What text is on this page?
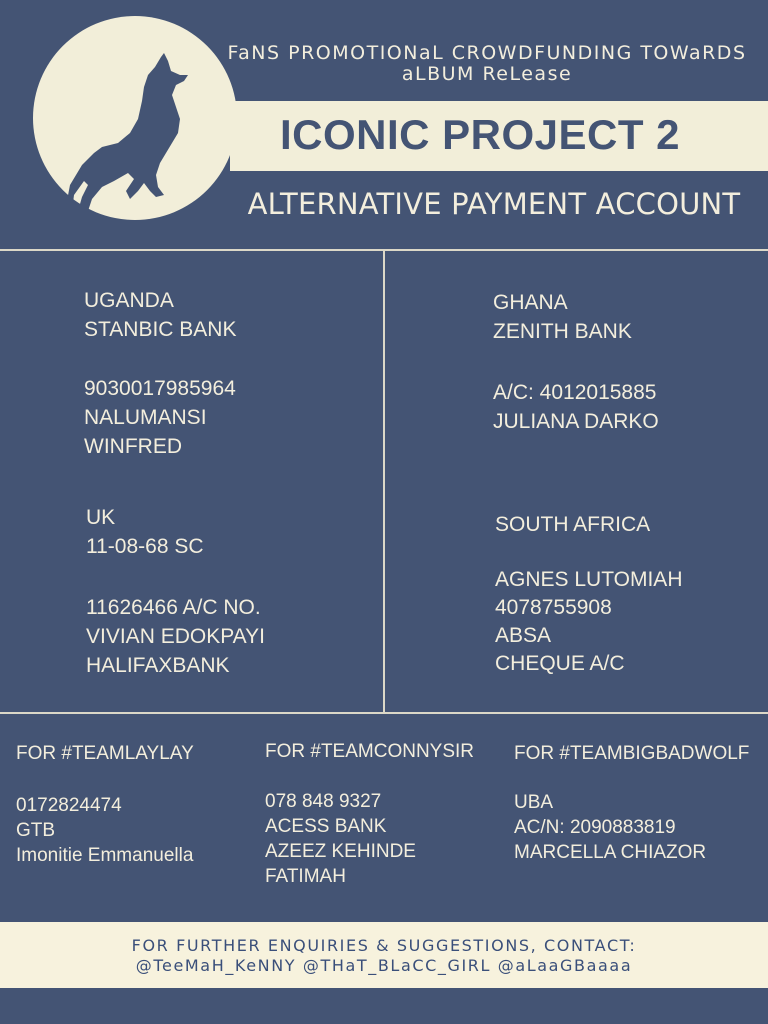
FaNS PROMOTIONaL CROWDFUNDING TOWaRDS
aLBUM ReLease
ICONIC PROJECT 2
ALTERNATIVE PAYMENT ACCOUNT
UGANDA
STANBIC BANK
9030017985964
NALUMANSI
WINFRED
GHANA
ZENITH BANK
A/C: 4012015885
JULIANA DARKO
UK
11-08-68 SC
11626466 A/C NO.
VIVIAN EDOKPAYI
HALIFAXBANK
SOUTH AFRICA
AGNES LUTOMIAH
4078755908
ABSA
CHEQUE A/C
FOR #TEAMLAYLAY
0172824474
GTB
Imonitie Emmanuella
FOR #TEAMCONNYSIR
078 848 9327
ACESS BANK
AZEEZ KEHINDE
FATIMAH
FOR #TEAMBIGBADWOLF
UBA
AC/N: 2090883819
MARCELLA CHIAZOR
FOR FURTHER ENQUIRIES & SUGGESTIONS, CONTACT:
@TeeMaH_KeNNY @THaT_BLaCC_GIRL @aLaaGBaaaa
